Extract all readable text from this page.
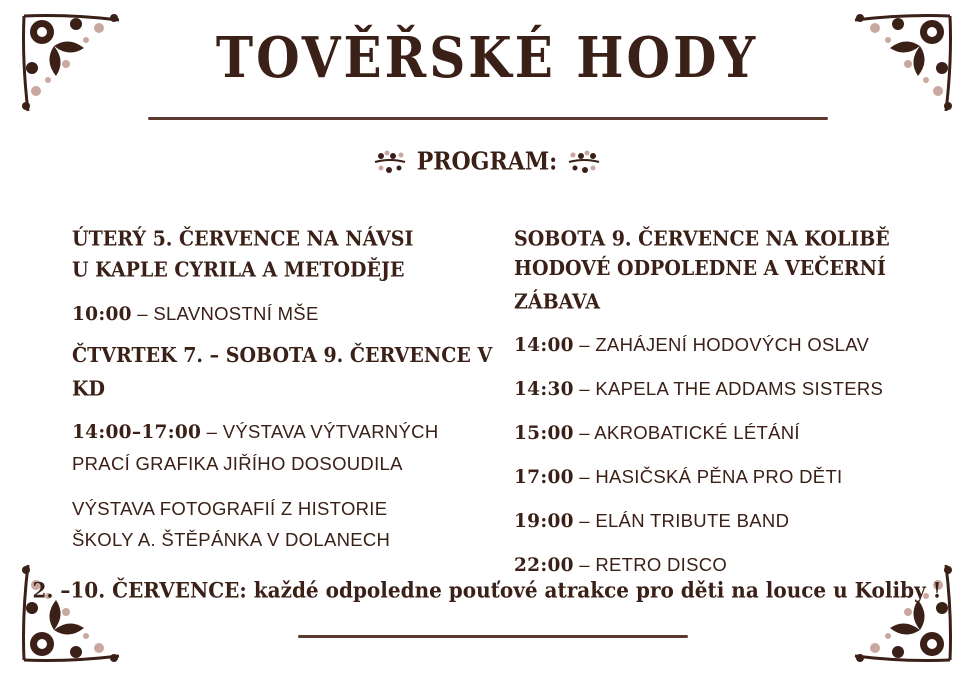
TOVĚŘSKÉ HODY
PROGRAM:
ÚTERÝ 5. ČERVENCE NA NÁVSI
U KAPLE CYRILA A METODĚJE
10:00 – SLAVNOSTNÍ MŠE
ČTVRTEK 7. – SOBOTA 9. ČERVENCE V KD
14:00–17:00 – VÝSTAVA VÝTVARNÝCH
PRACÍ GRAFIKA JIŘÍHO DOSOUDILA
VÝSTAVA FOTOGRAFIÍ Z HISTORIE
ŠKOLY A. ŠTĚPÁNKA V DOLANECH
SOBOTA 9. ČERVENCE NA KOLIBĚ
HODOVÉ ODPOLEDNE A VEČERNÍ ZÁBAVA
14:00 – ZAHÁJENÍ HODOVÝCH OSLAV
14:30 – KAPELA THE ADDAMS SISTERS
15:00 – AKROBATICKÉ LÉTÁNÍ
17:00 – HASIČSKÁ PĚNA PRO DĚTI
19:00 – ELÁN TRIBUTE BAND
22:00 – RETRO DISCO
2. –10. ČERVENCE: každé odpoledne pouťové atrakce pro děti na louce u Koliby !
